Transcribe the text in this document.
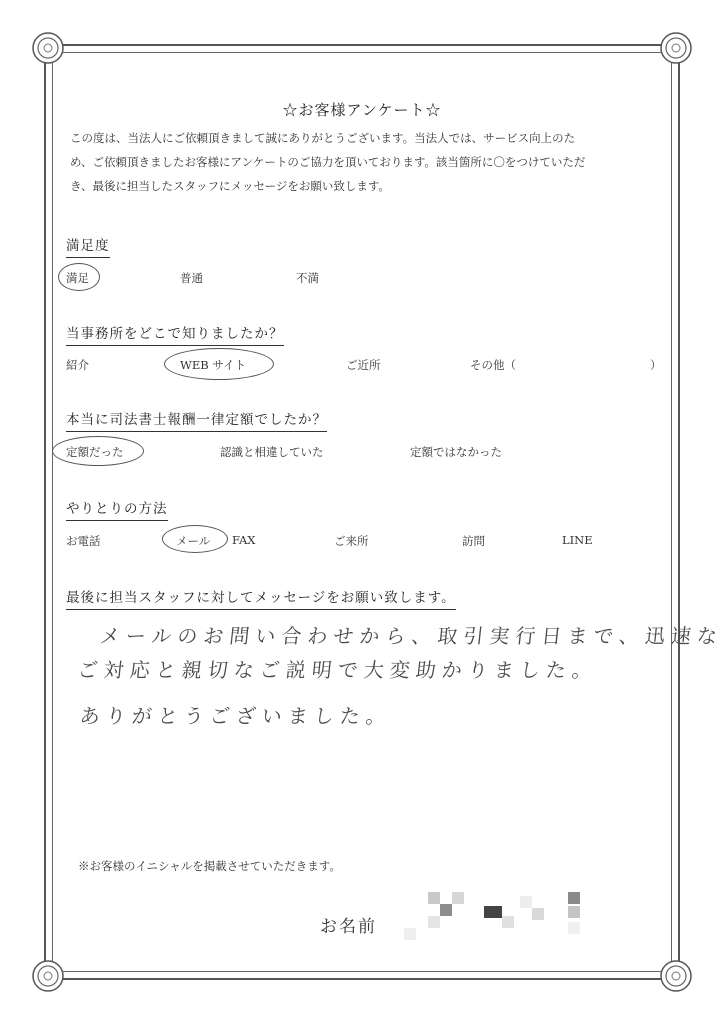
☆お客様アンケート☆
この度は、当法人にご依頼頂きまして誠にありがとうございます。当法人では、サービス向上のた
め、ご依頼頂きましたお客様にアンケートのご協力を頂いております。該当箇所に〇をつけていただ
き、最後に担当したスタッフにメッセージをお願い致します。
満足度
満足	普通	不満
当事務所をどこで知りましたか？
紹介	WEB サイト	ご近所	その他（	）
本当に司法書士報酬一律定額でしたか？
定額だった	認識と相違していた	定額ではなかった
やりとりの方法
お電話	メール FAX	ご来所	訪問	LINE
最後に担当スタッフに対してメッセージをお願い致します。
メールのお問い合わせから、取引実行日まで、迅速な
ご対応と親切なご説明で大変助かりました。
ありがとうございました。
※お客様のイニシャルを掲載させていただきます。
お名前
